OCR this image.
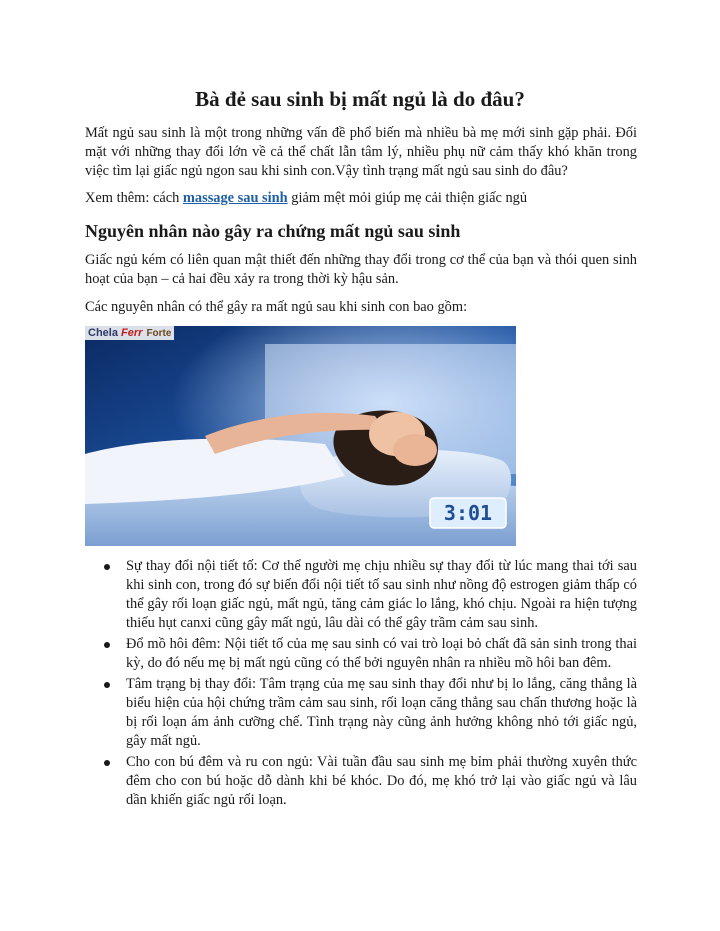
Bà đẻ sau sinh bị mất ngủ là do đâu?

Mất ngủ sau sinh là một trong những vấn đề phổ biến mà nhiều bà mẹ mới sinh gặp phải. Đối mặt với những thay đổi lớn về cả thể chất lẫn tâm lý, nhiều phụ nữ cảm thấy khó khăn trong việc tìm lại giấc ngủ ngon sau khi sinh con.Vậy tình trạng mất ngủ sau sinh do đâu?

Xem thêm: cách massage sau sinh giảm mệt mỏi giúp mẹ cải thiện giấc ngủ

Nguyên nhân nào gây ra chứng mất ngủ sau sinh

Giấc ngủ kém có liên quan mật thiết đến những thay đổi trong cơ thể của bạn và thói quen sinh hoạt của bạn – cả hai đều xảy ra trong thời kỳ hậu sản.

Các nguyên nhân có thể gây ra mất ngủ sau khi sinh con bao gồm:

3:01
Chela Ferr Forte
Sự thay đổi nội tiết tố: Cơ thể người mẹ chịu nhiều sự thay đổi từ lúc mang thai tới sau khi sinh con, trong đó sự biến đổi nội tiết tố sau sinh như nồng độ estrogen giảm thấp có thể gây rối loạn giấc ngủ, mất ngủ, tăng cảm giác lo lắng, khó chịu. Ngoài ra hiện tượng thiếu hụt canxi cũng gây mất ngủ, lâu dài có thể gây trầm cảm sau sinh.
Đổ mồ hôi đêm: Nội tiết tố của mẹ sau sinh có vai trò loại bỏ chất đã sản sinh trong thai kỳ, do đó nếu mẹ bị mất ngủ cũng có thể bởi nguyên nhân ra nhiều mồ hôi ban đêm.
Tâm trạng bị thay đổi: Tâm trạng của mẹ sau sinh thay đổi như bị lo lắng, căng thẳng là biểu hiện của hội chứng trầm cảm sau sinh, rối loạn căng thẳng sau chấn thương hoặc là bị rối loạn ám ảnh cưỡng chế. Tình trạng này cũng ảnh hưởng không nhỏ tới giấc ngủ, gây mất ngủ.
Cho con bú đêm và ru con ngủ: Vài tuần đầu sau sinh mẹ bỉm phải thường xuyên thức đêm cho con bú hoặc dỗ dành khi bé khóc. Do đó, mẹ khó trở lại vào giấc ngủ và lâu dần khiến giấc ngủ rối loạn.
